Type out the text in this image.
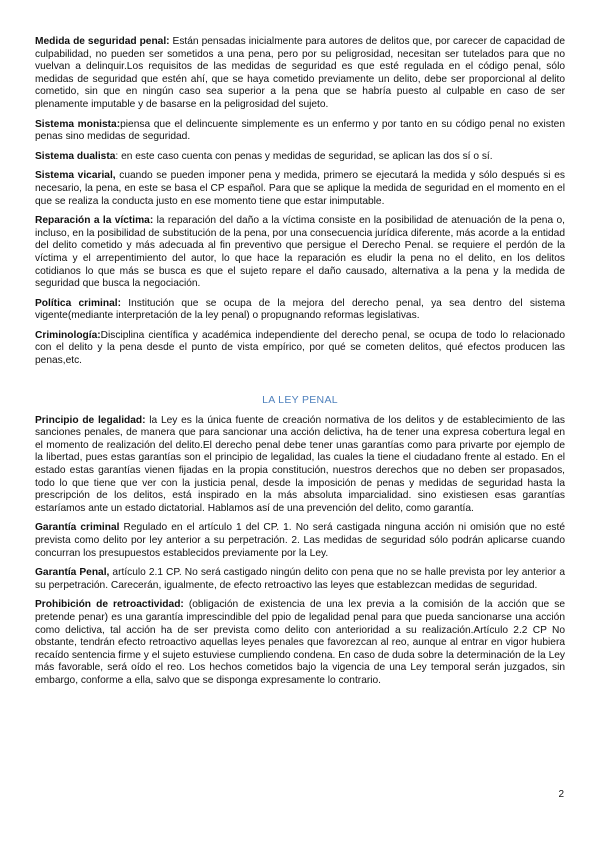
Medida de seguridad penal: Están pensadas inicialmente para autores de delitos que, por carecer de capacidad de culpabilidad, no pueden ser sometidos a una pena, pero por su peligrosidad, necesitan ser tutelados para que no vuelvan a delinquir.Los requisitos de las medidas de seguridad es que esté regulada en el código penal, sólo medidas de seguridad que estén ahí, que se haya cometido previamente un delito, debe ser proporcional al delito cometido, sin que en ningún caso sea superior a la pena que se habría puesto al culpable en caso de ser plenamente imputable y de basarse en la peligrosidad del sujeto.

Sistema monista:piensa que el delincuente simplemente es un enfermo y por tanto en su código penal no existen penas sino medidas de seguridad.

Sistema dualista: en este caso cuenta con penas y medidas de seguridad, se aplican las dos sí o sí.

Sistema vicarial, cuando se pueden imponer pena y medida, primero se ejecutará la medida y sólo después si es necesario, la pena, en este se basa el CP español. Para que se aplique la medida de seguridad en el momento en el que se realiza la conducta justo en ese momento tiene que estar inimputable.

Reparación a la víctima: la reparación del daño a la víctima consiste en la posibilidad de atenuación de la pena o, incluso, en la posibilidad de substitución de la pena, por una consecuencia jurídica diferente, más acorde a la entidad del delito cometido y más adecuada al fin preventivo que persigue el Derecho Penal. se requiere el perdón de la víctima y el arrepentimiento del autor, lo que hace la reparación es eludir la pena no el delito, en los delitos cotidianos lo que más se busca es que el sujeto repare el daño causado, alternativa a la pena y la medida de seguridad que busca la negociación.

Política criminal: Institución que se ocupa de la mejora del derecho penal, ya sea dentro del sistema vigente(mediante interpretación de la ley penal) o propugnando reformas legislativas.

Criminología:Disciplina científica y académica independiente del derecho penal, se ocupa de todo lo relacionado con el delito y la pena desde el punto de vista empírico, por qué se cometen delitos, qué efectos producen las penas,etc.

LA LEY PENAL

Principio de legalidad: la Ley es la única fuente de creación normativa de los delitos y de establecimiento de las sanciones penales, de manera que para sancionar una acción delictiva, ha de tener una expresa cobertura legal en el momento de realización del delito.El derecho penal debe tener unas garantías como para privarte por ejemplo de la libertad, pues estas garantías son el principio de legalidad, las cuales la tiene el ciudadano frente al estado. En el estado estas garantías vienen fijadas en la propia constitución, nuestros derechos que no deben ser propasados, todo lo que tiene que ver con la justicia penal, desde la imposición de penas y medidas de seguridad hasta la prescripción de los delitos, está inspirado en la más absoluta imparcialidad. sino existiesen esas garantías estaríamos ante un estado dictatorial. Hablamos así de una prevención del delito, como garantía.

Garantía criminal Regulado en el artículo 1 del CP. 1. No será castigada ninguna acción ni omisión que no esté prevista como delito por ley anterior a su perpetración. 2. Las medidas de seguridad sólo podrán aplicarse cuando concurran los presupuestos establecidos previamente por la Ley.

Garantía Penal, artículo 2.1 CP. No será castigado ningún delito con pena que no se halle prevista por ley anterior a su perpetración. Carecerán, igualmente, de efecto retroactivo las leyes que establezcan medidas de seguridad.

Prohibición de retroactividad: (obligación de existencia de una lex previa a la comisión de la acción que se pretende penar) es una garantía imprescindible del ppio de legalidad penal para que pueda sancionarse una acción como delictiva, tal acción ha de ser prevista como delito con anterioridad a su realización.Artículo 2.2 CP No obstante, tendrán efecto retroactivo aquellas leyes penales que favorezcan al reo, aunque al entrar en vigor hubiera recaído sentencia firme y el sujeto estuviese cumpliendo condena. En caso de duda sobre la determinación de la Ley más favorable, será oído el reo. Los hechos cometidos bajo la vigencia de una Ley temporal serán juzgados, sin embargo, conforme a ella, salvo que se disponga expresamente lo contrario.

2
